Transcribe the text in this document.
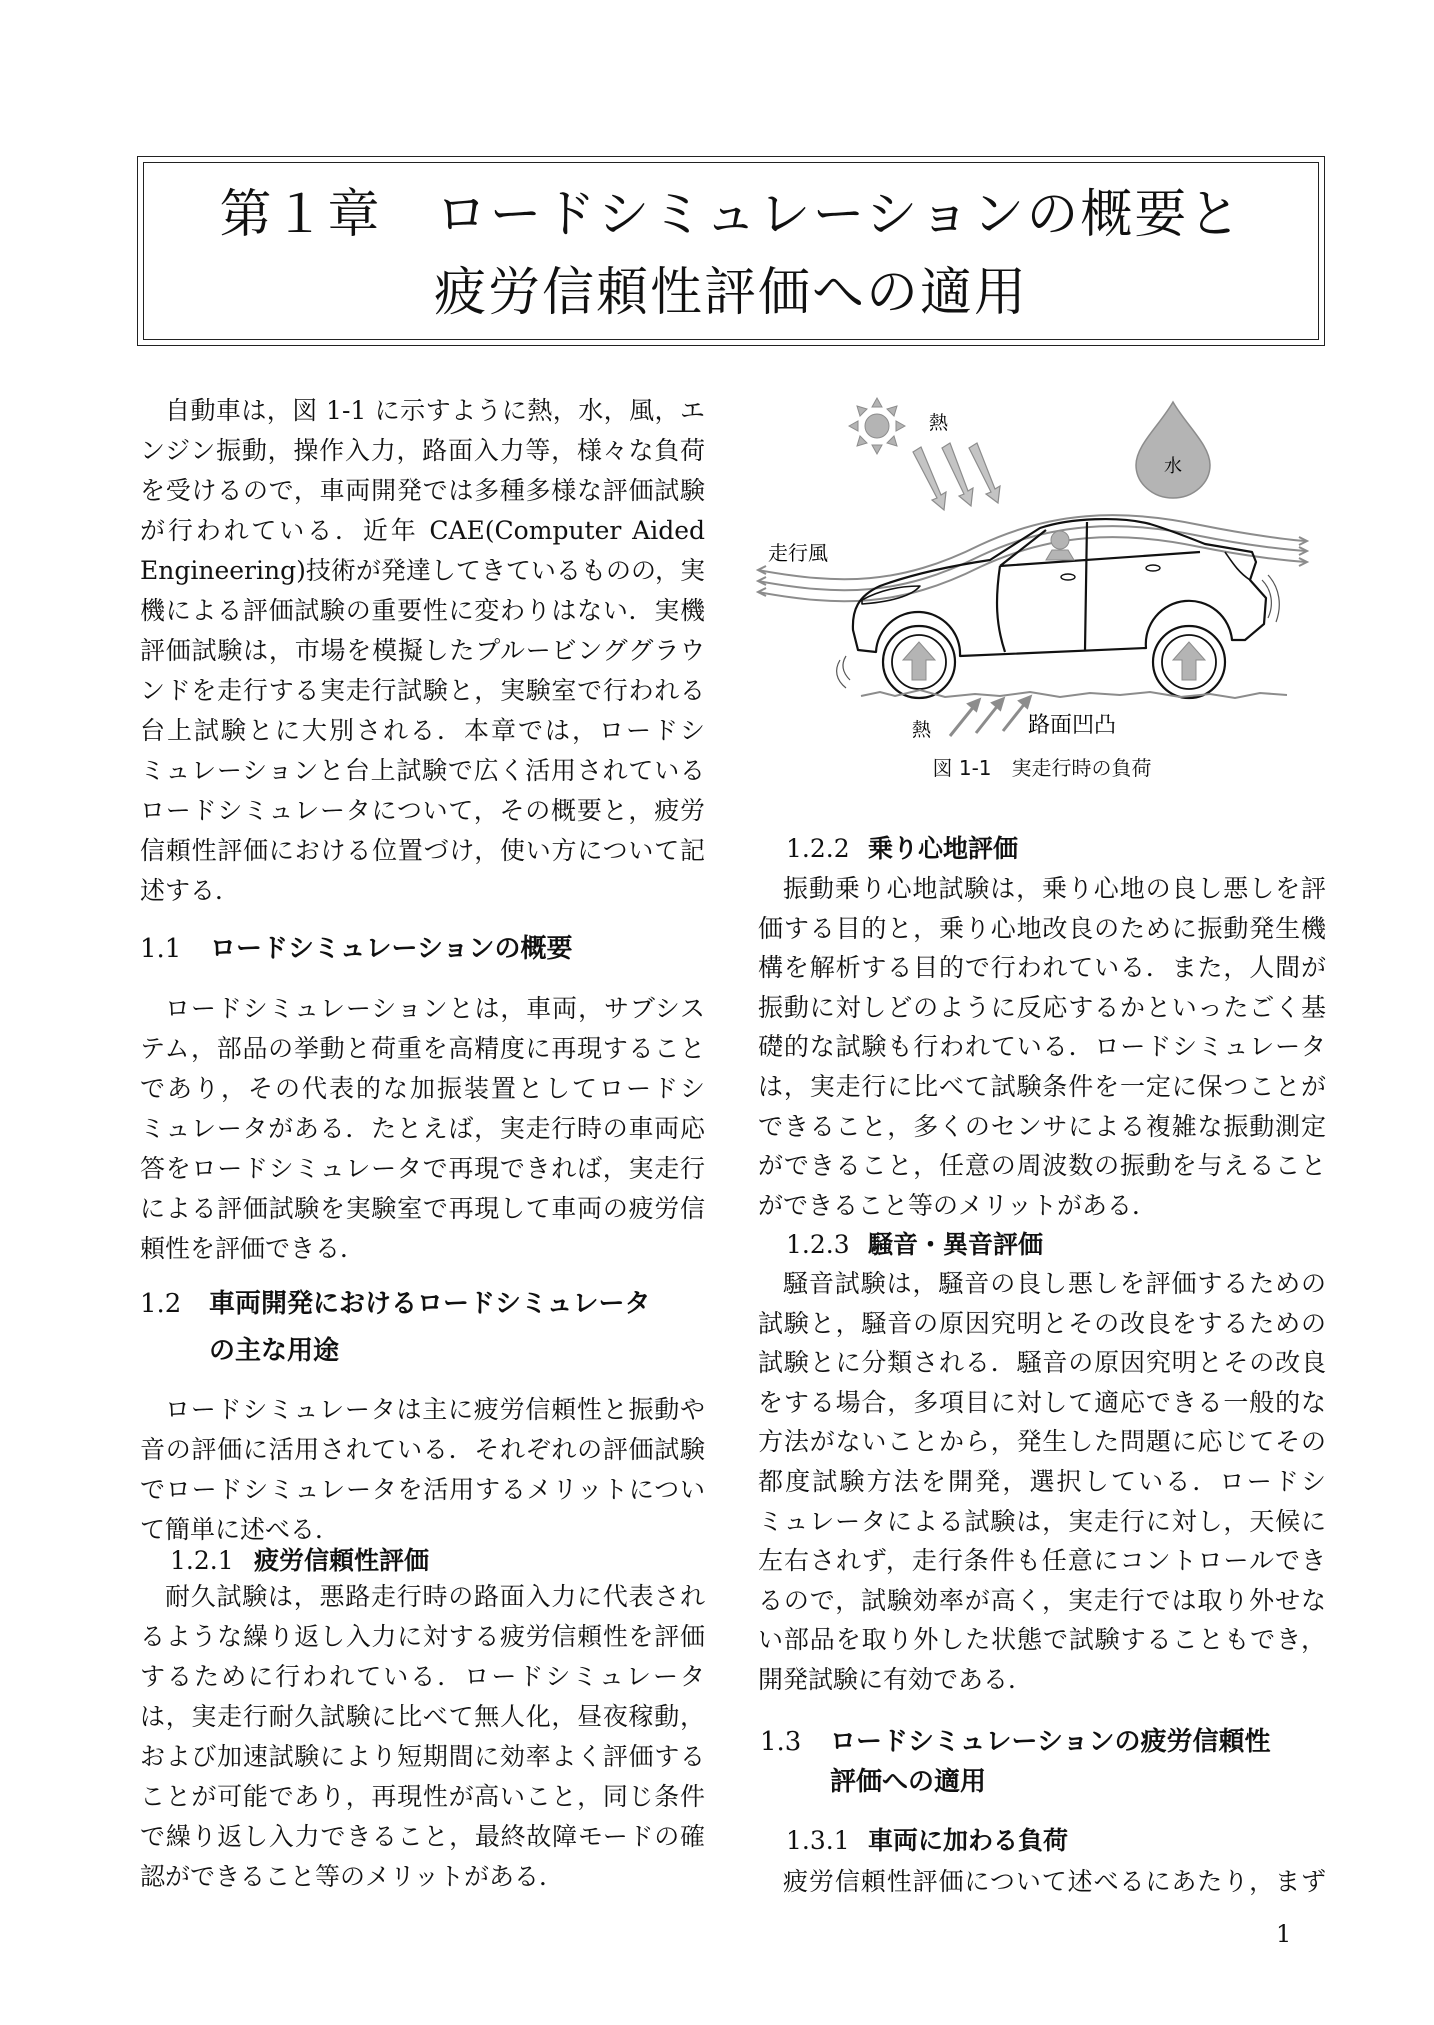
第１章　ロードシミュレーションの概要と
疲労信頼性評価への適用
自動車は，図 1-1 に示すように熱，水，風，エ
ンジン振動，操作入力，路面入力等，様々な負荷
を受けるので，車両開発では多種多様な評価試験
が行われている．近年 CAE(Computer Aided
Engineering)技術が発達してきているものの，実
機による評価試験の重要性に変わりはない．実機
評価試験は，市場を模擬したプルービンググラウ
ンドを走行する実走行試験と，実験室で行われる
台上試験とに大別される．本章では，ロードシ
ミュレーションと台上試験で広く活用されている
ロードシミュレータについて，その概要と，疲労
信頼性評価における位置づけ，使い方について記
述する．
1.1 ロードシミュレーションの概要
ロードシミュレーションとは，車両，サブシス
テム，部品の挙動と荷重を高精度に再現すること
であり，その代表的な加振装置としてロードシ
ミュレータがある．たとえば，実走行時の車両応
答をロードシミュレータで再現できれば，実走行
による評価試験を実験室で再現して車両の疲労信
頼性を評価できる．
1.2 車両開発におけるロードシミュレータ
の主な用途
ロードシミュレータは主に疲労信頼性と振動や
音の評価に活用されている．それぞれの評価試験
でロードシミュレータを活用するメリットについ
て簡単に述べる．
1.2.1 疲労信頼性評価
耐久試験は，悪路走行時の路面入力に代表され
るような繰り返し入力に対する疲労信頼性を評価
するために行われている．ロードシミュレータ
は，実走行耐久試験に比べて無人化，昼夜稼動，
および加速試験により短期間に効率よく評価する
ことが可能であり，再現性が高いこと，同じ条件
で繰り返し入力できること，最終故障モードの確
認ができること等のメリットがある．
熱
水
走行風
熱	路面凹凸
図 1-1　実走行時の負荷
1.2.2 乗り心地評価
振動乗り心地試験は，乗り心地の良し悪しを評
価する目的と，乗り心地改良のために振動発生機
構を解析する目的で行われている．また，人間が
振動に対しどのように反応するかといったごく基
礎的な試験も行われている．ロードシミュレータ
は，実走行に比べて試験条件を一定に保つことが
できること，多くのセンサによる複雑な振動測定
ができること，任意の周波数の振動を与えること
ができること等のメリットがある．
1.2.3 騒音・異音評価
騒音試験は，騒音の良し悪しを評価するための
試験と，騒音の原因究明とその改良をするための
試験とに分類される．騒音の原因究明とその改良
をする場合，多項目に対して適応できる一般的な
方法がないことから，発生した問題に応じてその
都度試験方法を開発，選択している．ロードシ
ミュレータによる試験は，実走行に対し，天候に
左右されず，走行条件も任意にコントロールでき
るので，試験効率が高く，実走行では取り外せな
い部品を取り外した状態で試験することもでき，
開発試験に有効である．
1.3 ロードシミュレーションの疲労信頼性
評価への適用
1.3.1 車両に加わる負荷
疲労信頼性評価について述べるにあたり，まず
1
